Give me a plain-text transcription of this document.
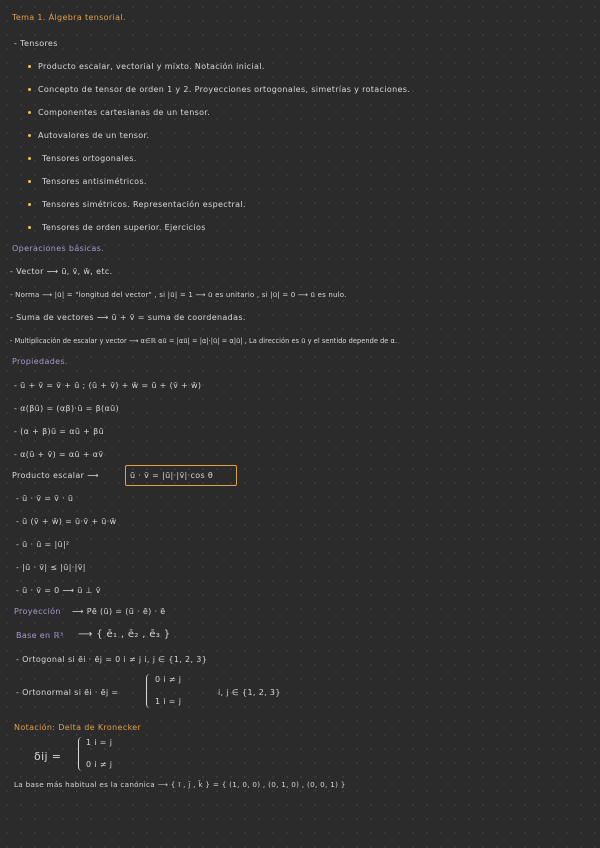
Tema 1. Álgebra tensorial.
- Tensores
Producto escalar, vectorial y mixto. Notación inicial.
Concepto de tensor de orden 1 y 2. Proyecciones ortogonales, simetrías y rotaciones.
Componentes cartesianas de un tensor.
Autovalores de un tensor.
Tensores ortogonales.
Tensores antisimétricos.
Tensores simétricos. Representación espectral.
Tensores de orden superior. Ejercicios
Operaciones básicas.
- Vector ⟶ ū, v̄, w̄, etc.
- Norma ⟶ |ū| = "longitud del vector" , si |ū| = 1 ⟶ ū es unitario , si |ū| = 0 ⟶ ū es nulo.
- Suma de vectores ⟶ ū + v̄ = suma de coordenadas.
- Multiplicación de escalar y vector ⟶ α∈ℝ αū = |αū| = |α|·|ū| = α|ū| , La dirección es ū y el sentido depende de α.
Propiedades.
- ū + v̄ = v̄ + ū ; (ū + v̄) + w̄ = ū + (v̄ + w̄)
- α(βū) = (αβ)·ū = β(αū)
- (α + β)ū = αū + βū
- α(ū + v̄) = αū + αv̄
Producto escalar ⟶	ū · v̄ = |ū|·|v̄|·cos θ
- ū · v̄ = v̄ · ū
- ū (v̄ + w̄) = ū·v̄ + ū·w̄
- ū · ū = |ū|²
- |ū · v̄| ≤ |ū|·|v̄|
- ū · v̄ = 0 ⟶ ū ⊥ v̄
Proyección ⟶ Pē (ū) = (ū · ē) · ē
Base en ℝ³ ⟶ { ē₁ , ē₂ , ē₃ }
- Ortogonal si ēi · ēj = 0 i ≠ j i, j ∈ {1, 2, 3}
- Ortonormal si ēi · ēj =
0 i ≠ j
1 i = j
i, j ∈ {1, 2, 3}
Notación: Delta de Kronecker
δij =
1 i = j
0 i ≠ j
La base más habitual es la canónica ⟶ { ī , j̄ , k̄ } = { (1, 0, 0) , (0, 1, 0) , (0, 0, 1) }
